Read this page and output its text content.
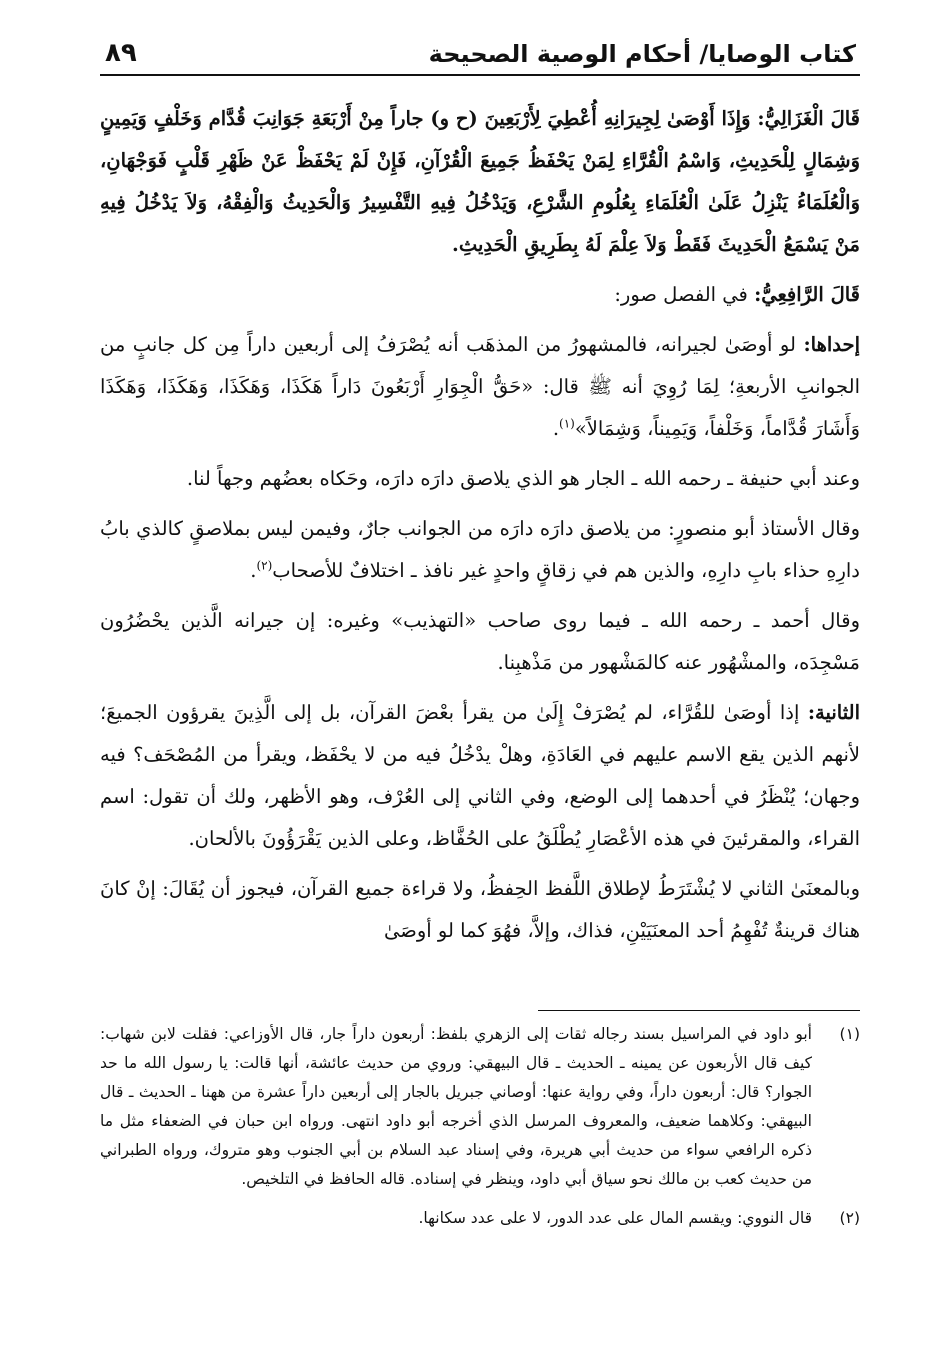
كتاب الوصايا/ أحكام الوصية الصحيحة
٨٩

قَالَ الْغَزَالِيُّ: وَإِذَا أَوْصَىٰ لِجِيرَانِهِ أُعْطِيَ لِأَرْبَعِينَ (ح و) جاراً مِنْ أَرْبَعَةِ جَوَانِبَ قُدَّام وَخَلْفٍ وَيَمِينٍ وَشِمَالٍ لِلْحَدِيثِ، وَاسْمُ الْقُرَّاءِ لِمَنْ يَحْفَظُ جَمِيعَ الْقُرْآنِ، فَإِنْ لَمْ يَحْفَظْ عَنْ ظَهْرِ قَلْبٍ فَوَجْهَانِ، وَالْعُلَمَاءُ يَنْزِلُ عَلَىٰ الْعُلَمَاءِ بِعُلُومِ الشَّرْعِ، وَيَدْخُلُ فِيهِ التَّفْسِيرُ وَالْحَدِيثُ وَالْفِقْهُ، وَلاَ يَدْخُلُ فِيهِ مَنْ يَسْمَعُ الْحَدِيثَ فَقَطْ وَلاَ عِلْمَ لَهُ بِطَرِيقِ الْحَدِيثِ.

قَالَ الرَّافِعِيُّ: في الفصل صور:

إحداها: لو أوصَىٰ لجيرانه، فالمشهورُ من المذهَب أنه يُصْرَفُ إلى أربعين داراً مِن كل جانبٍ من الجوانبِ الأربعةِ؛ لِمَا رُوِيَ أنه ﷺ قال: «حَقُّ الْجِوَارِ أَرْبَعُونَ دَاراً هَكَذَا، وَهَكَذَا، وَهَكَذَا، وَهَكَذَا وَأَشَارَ قُدَّاماً، وَخَلْفاً، وَيَمِيناً، وَشِمَالاً»$^{(١)}$.

وعند أبي حنيفة ـ رحمه الله ـ الجار هو الذي يلاصق دارَه دارَه، وحَكاه بعضُهم وجهاً لنا.

وقال الأستاذ أبو منصورٍ: من يلاصق دارَه دارَه من الجوانب جارٌ، وفيمن ليس بملاصقٍ كالذي بابُ دارِهِ حذاء بابِ دارِهِ، والذين هم في زقاقٍ واحدٍ غير نافذ ـ اختلافٌ للأصحاب$^{(٢)}$.

وقال أحمد ـ رحمه الله ـ فيما روى صاحب «التهذيب» وغيره: إن جيرانه الَّذين يحْضُرُون مَسْجِدَه، والمشْهُور عنه كالمَشْهور من مَذْهبِنا.

الثانية: إذا أوصَىٰ للقُرَّاء، لم يُصْرَفْ إِلَىٰ من يقرأ بعْضَ القرآن، بل إلى الَّذِينَ يقرؤون الجميعَ؛ لأنهم الذين يقع الاسم عليهم في العَادَةِ، وهلْ يدْخُلُ فيه من لا يحْفَظ، ويقرأ من المُصْحَف؟ فيه وجهان؛ يُنْظَرُ في أحدهما إلى الوضع، وفي الثاني إلى العُرْف، وهو الأظهر، ولك أن تقول: اسم القراء، والمقرئينَ في هذه الأعْصَارِ يُطْلَقُ على الحُفَّاظ، وعلى الذين يَقْرَؤُونَ بالألحان.

وبالمعنَىٰ الثاني لا يُشْتَرَطُ لإطلاق اللَّفظ الحِفظُ، ولا قراءة جميع القرآن، فيجوز أن يُقَالَ: إنْ كانَ هناك قرينةٌ تُفْهِمُ أحد المعنَيَيْنِ، فذاك، وإلاَّ، فهُوَ كما لو أوصَىٰ

(١)
أبو داود في المراسيل بسند رجاله ثقات إلى الزهري بلفظ: أربعون داراً جار، قال الأوزاعي: فقلت لابن شهاب: كيف قال الأربعون عن يمينه ـ الحديث ـ قال البيهقي: وروي من حديث عائشة، أنها قالت: يا رسول الله ما حد الجوار؟ قال: أربعون داراً، وفي رواية عنها: أوصاني جبريل بالجار إلى أربعين داراً عشرة من ههنا ـ الحديث ـ قال البيهقي: وكلاهما ضعيف، والمعروف المرسل الذي أخرجه أبو داود انتهى. ورواه ابن حبان في الضعفاء مثل ما ذكره الرافعي سواء من حديث أبي هريرة، وفي إسناد عبد السلام بن أبي الجنوب وهو متروك، ورواه الطبراني من حديث كعب بن مالك نحو سياق أبي داود، وينظر في إسناده. قاله الحافظ في التلخيص.
(٢)
قال النووي: ويقسم المال على عدد الدور، لا على عدد سكانها.
